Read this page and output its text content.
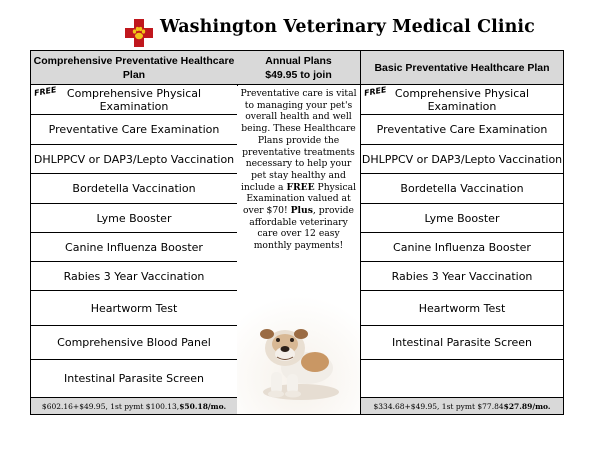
Washington Veterinary Medical Clinic
Comprehensive Preventative Healthcare Plan
FREE Comprehensive Physical Examination
Preventative Care Examination
DHLPPCV or DAP3/Lepto Vaccination
Bordetella Vaccination
Lyme Booster
Canine Influenza Booster
Rabies 3 Year Vaccination
Heartworm Test
Comprehensive Blood Panel
Intestinal Parasite Screen
$602.16+$49.95, 1st pymt $100.13, $50.18/mo.
Annual Plans
$49.95 to join
Preventative care is vital to managing your pet's overall health and well being. These Healthcare Plans provide the preventative treatments necessary to help your pet stay healthy and include a FREE Physical Examination valued at over $70! Plus, provide affordable veterinary care over 12 easy monthly payments!
Basic Preventative Healthcare Plan
FREE Comprehensive Physical Examination
Preventative Care Examination
DHLPPCV or DAP3/Lepto Vaccination
Bordetella Vaccination
Lyme Booster
Canine Influenza Booster
Rabies 3 Year Vaccination
Heartworm Test
Intestinal Parasite Screen
$334.68+$49.95, 1st pymt $77.84 $27.89/mo.
